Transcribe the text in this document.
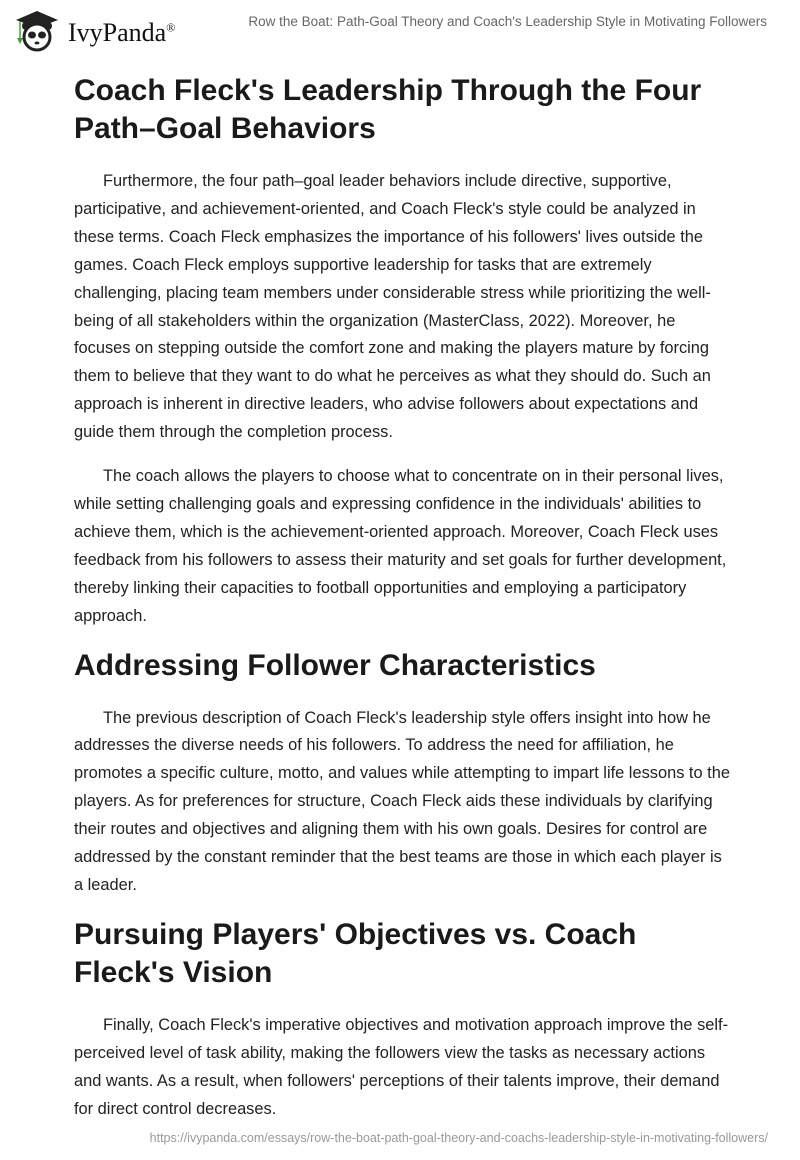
IvyPanda®	Row the Boat: Path-Goal Theory and Coach's Leadership Style in Motivating Followers
Coach Fleck's Leadership Through the Four Path–Goal Behaviors

Furthermore, the four path–goal leader behaviors include directive, supportive, participative, and achievement-oriented, and Coach Fleck's style could be analyzed in these terms. Coach Fleck emphasizes the importance of his followers' lives outside the games. Coach Fleck employs supportive leadership for tasks that are extremely challenging, placing team members under considerable stress while prioritizing the well-being of all stakeholders within the organization (MasterClass, 2022). Moreover, he focuses on stepping outside the comfort zone and making the players mature by forcing them to believe that they want to do what he perceives as what they should do. Such an approach is inherent in directive leaders, who advise followers about expectations and guide them through the completion process.

The coach allows the players to choose what to concentrate on in their personal lives, while setting challenging goals and expressing confidence in the individuals' abilities to achieve them, which is the achievement-oriented approach. Moreover, Coach Fleck uses feedback from his followers to assess their maturity and set goals for further development, thereby linking their capacities to football opportunities and employing a participatory approach.

Addressing Follower Characteristics

The previous description of Coach Fleck's leadership style offers insight into how he addresses the diverse needs of his followers. To address the need for affiliation, he promotes a specific culture, motto, and values while attempting to impart life lessons to the players. As for preferences for structure, Coach Fleck aids these individuals by clarifying their routes and objectives and aligning them with his own goals. Desires for control are addressed by the constant reminder that the best teams are those in which each player is a leader.

Pursuing Players' Objectives vs. Coach Fleck's Vision

Finally, Coach Fleck's imperative objectives and motivation approach improve the self-perceived level of task ability, making the followers view the tasks as necessary actions and wants. As a result, when followers' perceptions of their talents improve, their demand for direct control decreases.

https://ivypanda.com/essays/row-the-boat-path-goal-theory-and-coachs-leadership-style-in-motivating-followers/
